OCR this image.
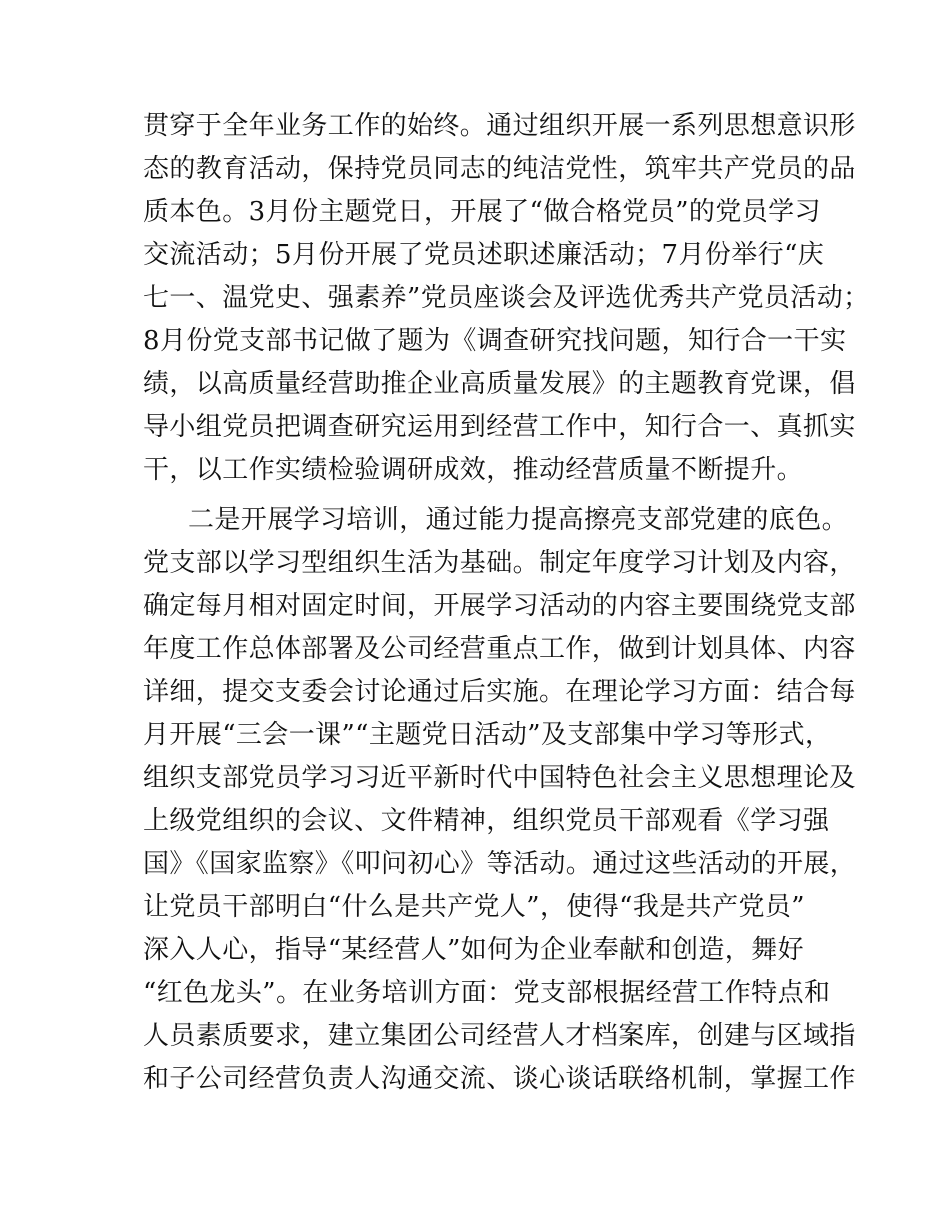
贯穿于全年业务工作的始终。通过组织开展一系列思想意识形
态的教育活动，保持党员同志的纯洁党性，筑牢共产党员的品
质本色。3月份主题党日，开展了“做合格党员”的党员学习
交流活动；5月份开展了党员述职述廉活动；7月份举行“庆
七一、温党史、强素养”党员座谈会及评选优秀共产党员活动；
8月份党支部书记做了题为《调查研究找问题，知行合一干实
绩，以高质量经营助推企业高质量发展》的主题教育党课，倡
导小组党员把调查研究运用到经营工作中，知行合一、真抓实
干，以工作实绩检验调研成效，推动经营质量不断提升。
二是开展学习培训，通过能力提高擦亮支部党建的底色。
党支部以学习型组织生活为基础。制定年度学习计划及内容，
确定每月相对固定时间，开展学习活动的内容主要围绕党支部
年度工作总体部署及公司经营重点工作，做到计划具体、内容
详细，提交支委会讨论通过后实施。在理论学习方面：结合每
月开展“三会一课”“主题党日活动”及支部集中学习等形式，
组织支部党员学习习近平新时代中国特色社会主义思想理论及
上级党组织的会议、文件精神，组织党员干部观看《学习强
国》《国家监察》《叩问初心》等活动。通过这些活动的开展，
让党员干部明白“什么是共产党人”，使得“我是共产党员”
深入人心，指导“某经营人”如何为企业奉献和创造，舞好
“红色龙头”。在业务培训方面：党支部根据经营工作特点和
人员素质要求，建立集团公司经营人才档案库，创建与区域指
和子公司经营负责人沟通交流、谈心谈话联络机制，掌握工作
